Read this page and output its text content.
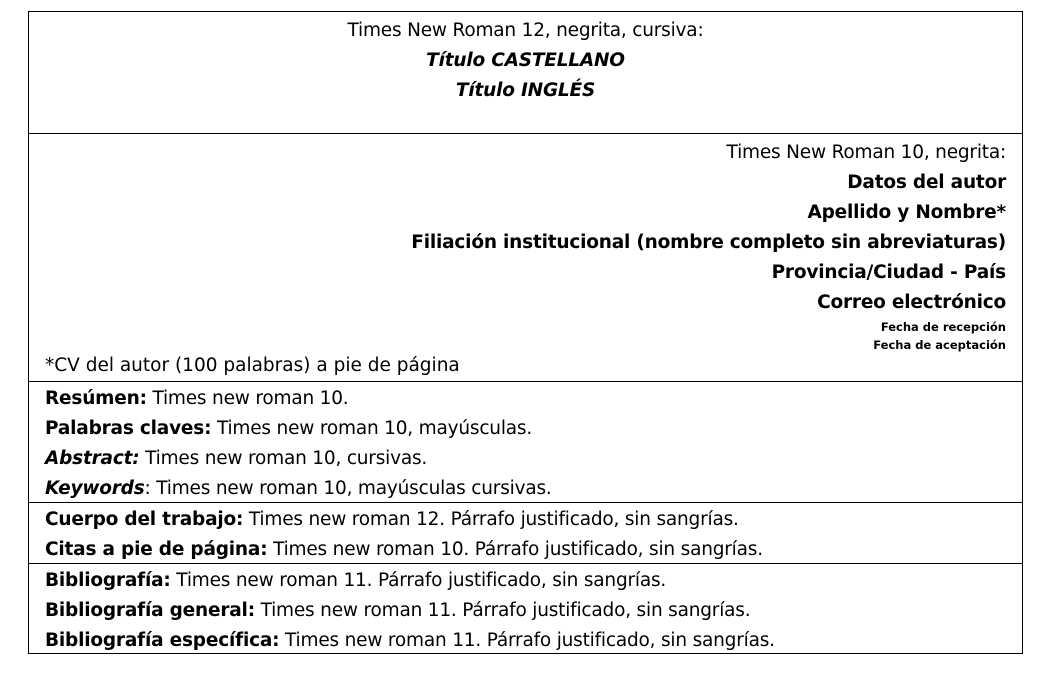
Times New Roman 12, negrita, cursiva:
Título CASTELLANO
Título INGLÉS
Times New Roman 10, negrita:
Datos del autor
Apellido y Nombre*
Filiación institucional (nombre completo sin abreviaturas)
Provincia/Ciudad - País
Correo electrónico
Fecha de recepción
Fecha de aceptación
*CV del autor (100 palabras) a pie de página
Resúmen: Times new roman 10.
Palabras claves: Times new roman 10, mayúsculas.
Abstract: Times new roman 10, cursivas.
Keywords: Times new roman 10, mayúsculas cursivas.
Cuerpo del trabajo: Times new roman 12. Párrafo justificado, sin sangrías.
Citas a pie de página: Times new roman 10. Párrafo justificado, sin sangrías.
Bibliografía: Times new roman 11. Párrafo justificado, sin sangrías.
Bibliografía general: Times new roman 11. Párrafo justificado, sin sangrías.
Bibliografía específica: Times new roman 11. Párrafo justificado, sin sangrías.
